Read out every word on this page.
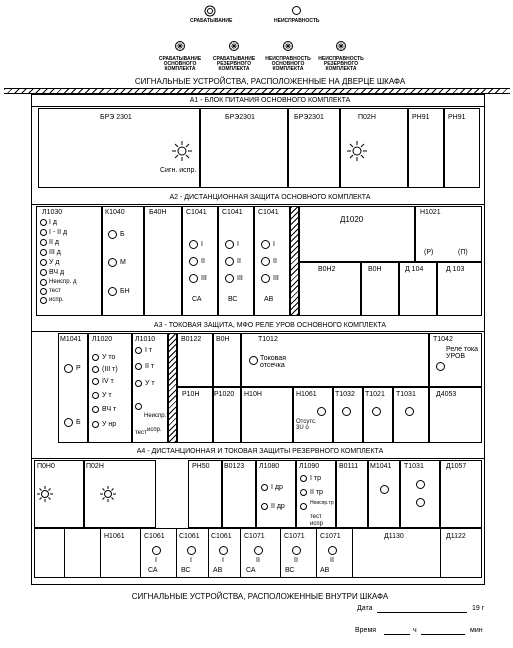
СРАБАТЫВАНИЕ	НЕИСПРАВНОСТЬ
СРАБАТЫВАНИЕ ОСНОВНОГО КОМПЛЕКТА
СРАБАТЫВАНИЕ РЕЗЕРВНОГО КОМПЛЕКТА
НЕИСПРАВНОСТЬ ОСНОВНОГО КОМПЛЕКТА
НЕИСПРАВНОСТЬ РЕЗЕРВНОГО КОМПЛЕКТА
СИГНАЛЬНЫЕ УСТРОЙСТВА, РАСПОЛОЖЕННЫЕ НА ДВЕРЦЕ ШКАФА
А1 - БЛОК ПИТАНИЯ ОСНОВНОГО КОМПЛЕКТА
БРЭ 2301	БРЭ2301	БРЭ2301	П02Н	РН91	РН91
Сигн. испр.
А2 - ДИСТАНЦИОННАЯ ЗАЩИТА ОСНОВНОГО КОМПЛЕКТА
Л1030	К1040	Б40Н	С1041 С1041 С1041
Д1020
Н1021
I д
I - II д
II д
III д
У д
ВЧ д
Неиспр. д
тест
испр.
Б
М
БН
I
II
III
СА
I
II
III
ВС
I
II
III
АВ
(Р)	(П)
В0Н2	В0Н	Д 104	Д 103
А3 - ТОКОВАЯ ЗАЩИТА, МФО РЕЛЕ УРОВ ОСНОВНОГО КОМПЛЕКТА
М1041 Л1020	Л1010	В0122 В0Н	Т1012	Т1042
Р
Б
У то
(III т)
IV т
У т
ВЧ т
У нр
I т
II т
У т
Неиспр.т
тест испр.
Токовая отсечка
Реле тока УРОВ
Р10Н Р1020 Н10Н	Н1061	Т1032 Т1021 Т1031	Д4053
Отсутс. 3U о
А4 - ДИСТАНЦИОННАЯ И ТОКОВАЯ ЗАЩИТЫ РЕЗЕРВНОГО КОМПЛЕКТА
П0Н0	П02Н	РН50 В0123 Л1080	Л1090	В0111 М1041 Т1031	Д1057
I др
II др
I тр
II тр
Неиспр.тр
тест
испр
Н1061	С1061 С1061 С1061 С1071	С1071 С1071	Д1130	Д1122
I
СА
I
ВС
I
АВ
II
СА
II
ВС
II
АВ
СИГНАЛЬНЫЕ УСТРОЙСТВА, РАСПОЛОЖЕННЫЕ ВНУТРИ ШКАФА
Дата	19 г
Время	ч	мин
